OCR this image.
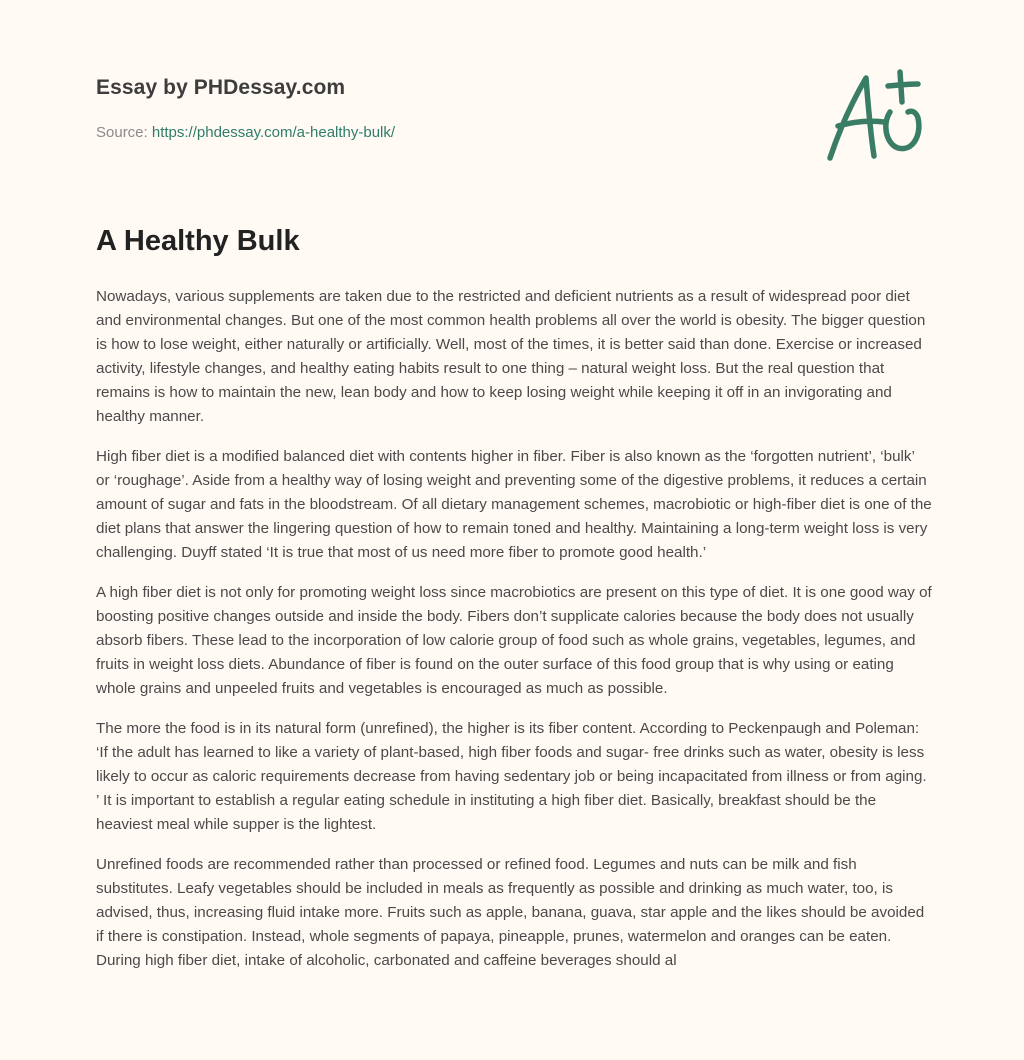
Essay by PHDessay.com
Source: https://phdessay.com/a-healthy-bulk/
A Healthy Bulk

Nowadays, various supplements are taken due to the restricted and deficient nutrients as a result of widespread poor diet and environmental changes. But one of the most common health problems all over the world is obesity. The bigger question is how to lose weight, either naturally or artificially. Well, most of the times, it is better said than done. Exercise or increased activity, lifestyle changes, and healthy eating habits result to one thing – natural weight loss. But the real question that remains is how to maintain the new, lean body and how to keep losing weight while keeping it off in an invigorating and healthy manner.

High fiber diet is a modified balanced diet with contents higher in fiber. Fiber is also known as the ‘forgotten nutrient’, ‘bulk’ or ‘roughage’. Aside from a healthy way of losing weight and preventing some of the digestive problems, it reduces a certain amount of sugar and fats in the bloodstream. Of all dietary management schemes, macrobiotic or high-fiber diet is one of the diet plans that answer the lingering question of how to remain toned and healthy. Maintaining a long-term weight loss is very challenging. Duyff stated ‘It is true that most of us need more fiber to promote good health.’

A high fiber diet is not only for promoting weight loss since macrobiotics are present on this type of diet. It is one good way of boosting positive changes outside and inside the body. Fibers don’t supplicate calories because the body does not usually absorb fibers. These lead to the incorporation of low calorie group of food such as whole grains, vegetables, legumes, and fruits in weight loss diets. Abundance of fiber is found on the outer surface of this food group that is why using or eating whole grains and unpeeled fruits and vegetables is encouraged as much as possible.

The more the food is in its natural form (unrefined), the higher is its fiber content. According to Peckenpaugh and Poleman: ‘If the adult has learned to like a variety of plant-based, high fiber foods and sugar- free drinks such as water, obesity is less likely to occur as caloric requirements decrease from having sedentary job or being incapacitated from illness or from aging. ’ It is important to establish a regular eating schedule in instituting a high fiber diet. Basically, breakfast should be the heaviest meal while supper is the lightest.

Unrefined foods are recommended rather than processed or refined food. Legumes and nuts can be milk and fish substitutes. Leafy vegetables should be included in meals as frequently as possible and drinking as much water, too, is advised, thus, increasing fluid intake more. Fruits such as apple, banana, guava, star apple and the likes should be avoided if there is constipation. Instead, whole segments of papaya, pineapple, prunes, watermelon and oranges can be eaten. During high fiber diet, intake of alcoholic, carbonated and caffeine beverages should al
